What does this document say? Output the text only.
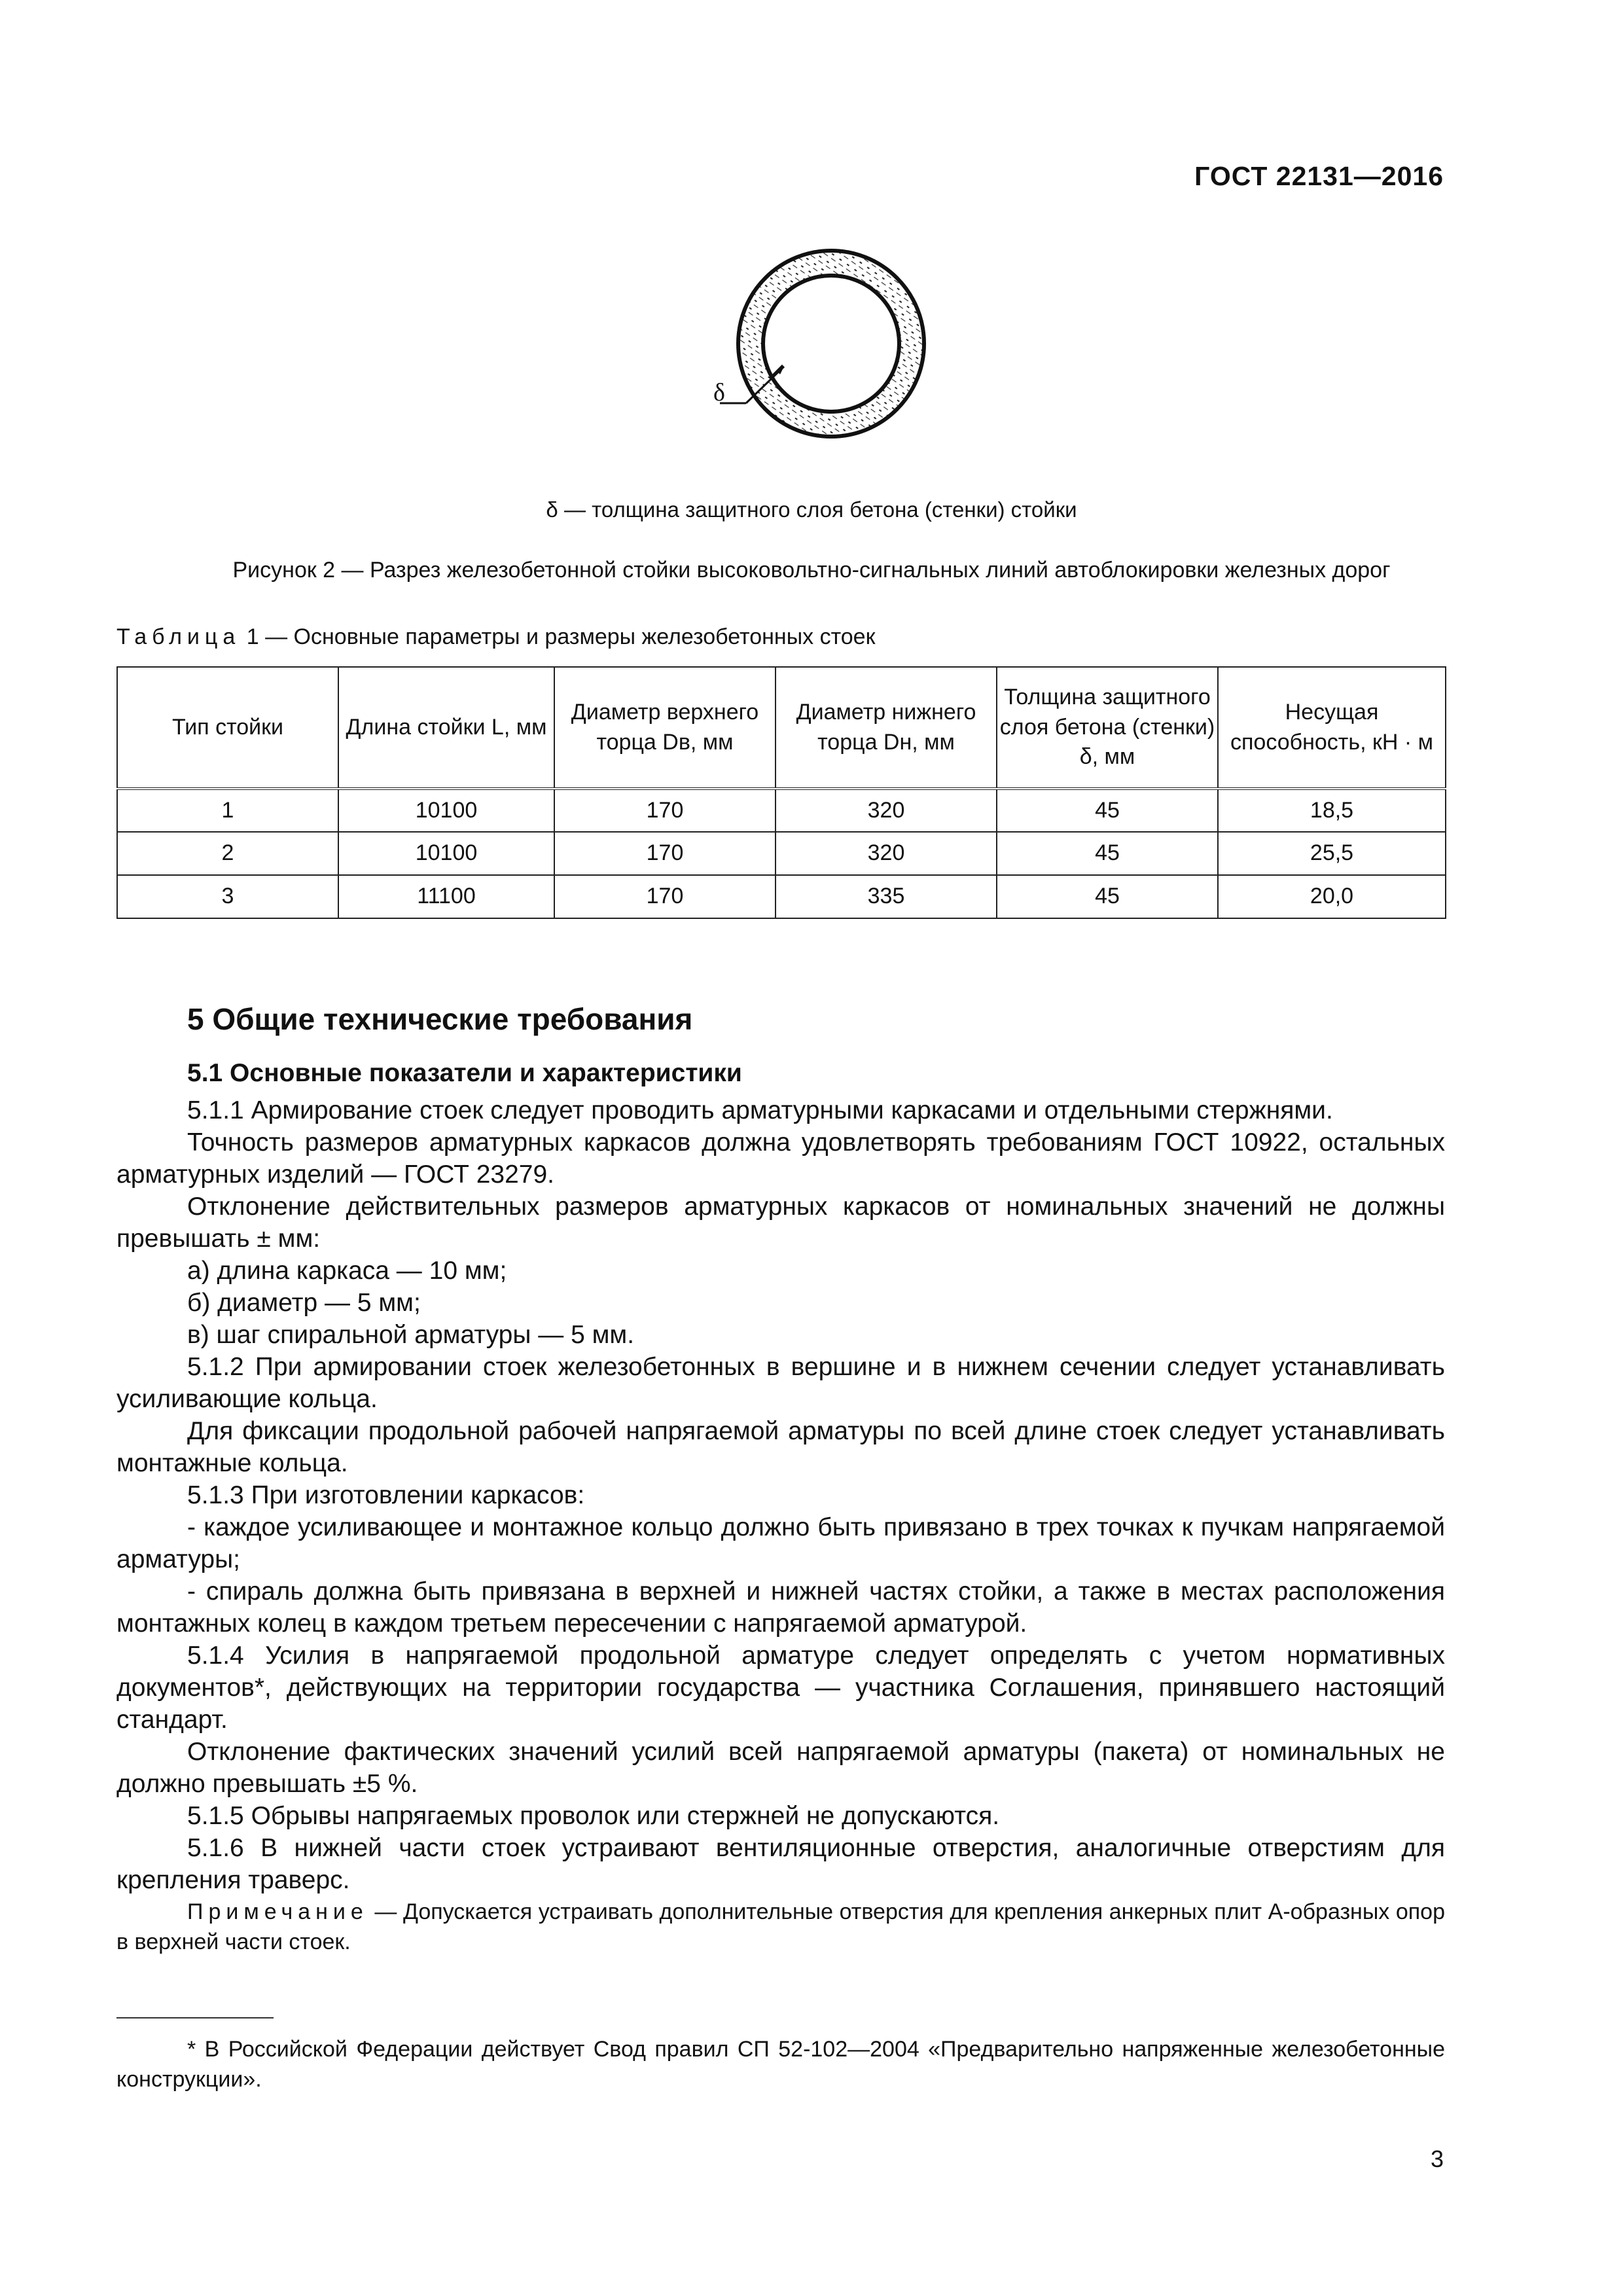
ГОСТ 22131—2016
δ
δ — толщина защитного слоя бетона (стенки) стойки
Рисунок 2 — Разрез железобетонной стойки высоковольтно-сигнальных линий автоблокировки железных дорог
Таблица 1 — Основные параметры и размеры железобетонных стоек
Тип стойки	Длина стойки L, мм	Диаметр верхнего торца Dв, мм	Диаметр нижнего торца Dн, мм	Толщина защитного слоя бетона (стенки) δ, мм	Несущая способность, кН · м
1	10100	170	320	45	18,5
2	10100	170	320	45	25,5
3	11100	170	335	45	20,0
5 Общие технические требования
5.1 Основные показатели и характеристики

5.1.1 Армирование стоек следует проводить арматурными каркасами и отдельными стержнями.

Точность размеров арматурных каркасов должна удовлетворять требованиям ГОСТ 10922, остальных арматурных изделий — ГОСТ 23279.

Отклонение действительных размеров арматурных каркасов от номинальных значений не должны превышать ± мм:

а) длина каркаса — 10 мм;

б) диаметр — 5 мм;

в) шаг спиральной арматуры — 5 мм.

5.1.2 При армировании стоек железобетонных в вершине и в нижнем сечении следует устанавливать усиливающие кольца.

Для фиксации продольной рабочей напрягаемой арматуры по всей длине стоек следует устанавливать монтажные кольца.

5.1.3 При изготовлении каркасов:

- каждое усиливающее и монтажное кольцо должно быть привязано в трех точках к пучкам напрягаемой арматуры;

- спираль должна быть привязана в верхней и нижней частях стойки, а также в местах расположения монтажных колец в каждом третьем пересечении с напрягаемой арматурой.

5.1.4 Усилия в напрягаемой продольной арматуре следует определять с учетом нормативных документов*, действующих на территории государства — участника Соглашения, принявшего настоящий стандарт.

Отклонение фактических значений усилий всей напрягаемой арматуры (пакета) от номинальных не должно превышать ±5 %.

5.1.5 Обрывы напрягаемых проволок или стержней не допускаются.

5.1.6 В нижней части стоек устраивают вентиляционные отверстия, аналогичные отверстиям для крепления траверс.

Примечание — Допускается устраивать дополнительные отверстия для крепления анкерных плит А-образных опор в верхней части стоек.
* В Российской Федерации действует Свод правил СП 52-102—2004 «Предварительно напряженные железобетонные конструкции».
3
